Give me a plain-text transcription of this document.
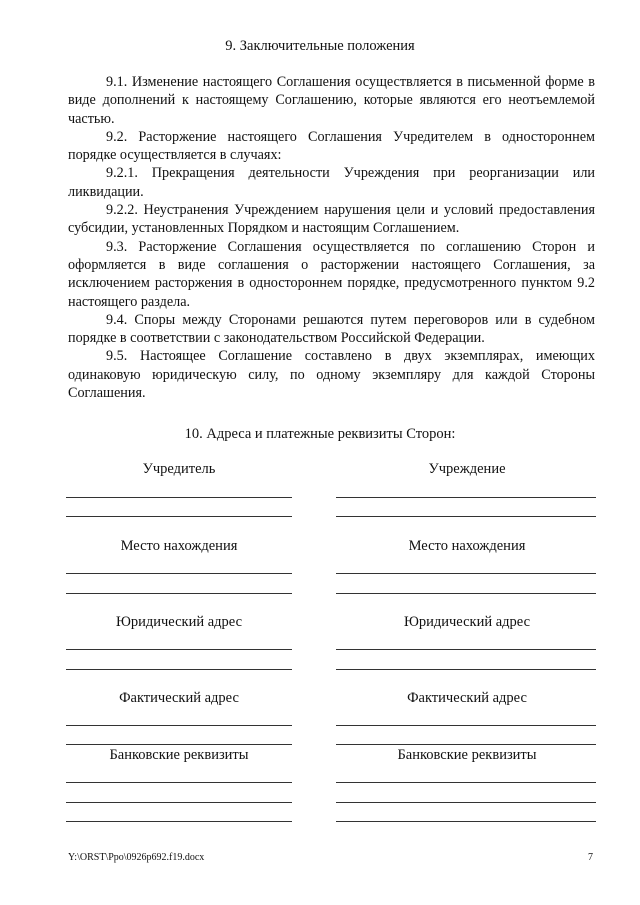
9. Заключительные положения

9.1. Изменение настоящего Соглашения осуществляется в письменной форме в виде дополнений к настоящему Соглашению, которые являются его неотъемлемой частью.

9.2. Расторжение настоящего Соглашения Учредителем в одностороннем порядке осуществляется в случаях:

9.2.1. Прекращения деятельности Учреждения при реорганизации или ликвидации.

9.2.2. Неустранения Учреждением нарушения цели и условий предоставления субсидии, установленных Порядком и настоящим Соглашением.

9.3. Расторжение Соглашения осуществляется по соглашению Сторон и оформляется в виде соглашения о расторжении настоящего Соглашения, за исключением расторжения в одностороннем порядке, предусмотренного пунктом 9.2 настоящего раздела.

9.4. Споры между Сторонами решаются путем переговоров или в судебном порядке в соответствии с законодательством Российской Федерации.

9.5. Настоящее Соглашение составлено в двух экземплярах, имеющих одинаковую юридическую силу, по одному экземпляру для каждой Стороны Соглашения.

10. Адреса и платежные реквизиты Сторон:
Учредитель	Учреждение
Место нахождения	Место нахождения
Юридический адрес	Юридический адрес
Фактический адрес	Фактический адрес
Банковские реквизиты	Банковские реквизиты
Y:\ORST\Ppo\0926p692.f19.docx	7
